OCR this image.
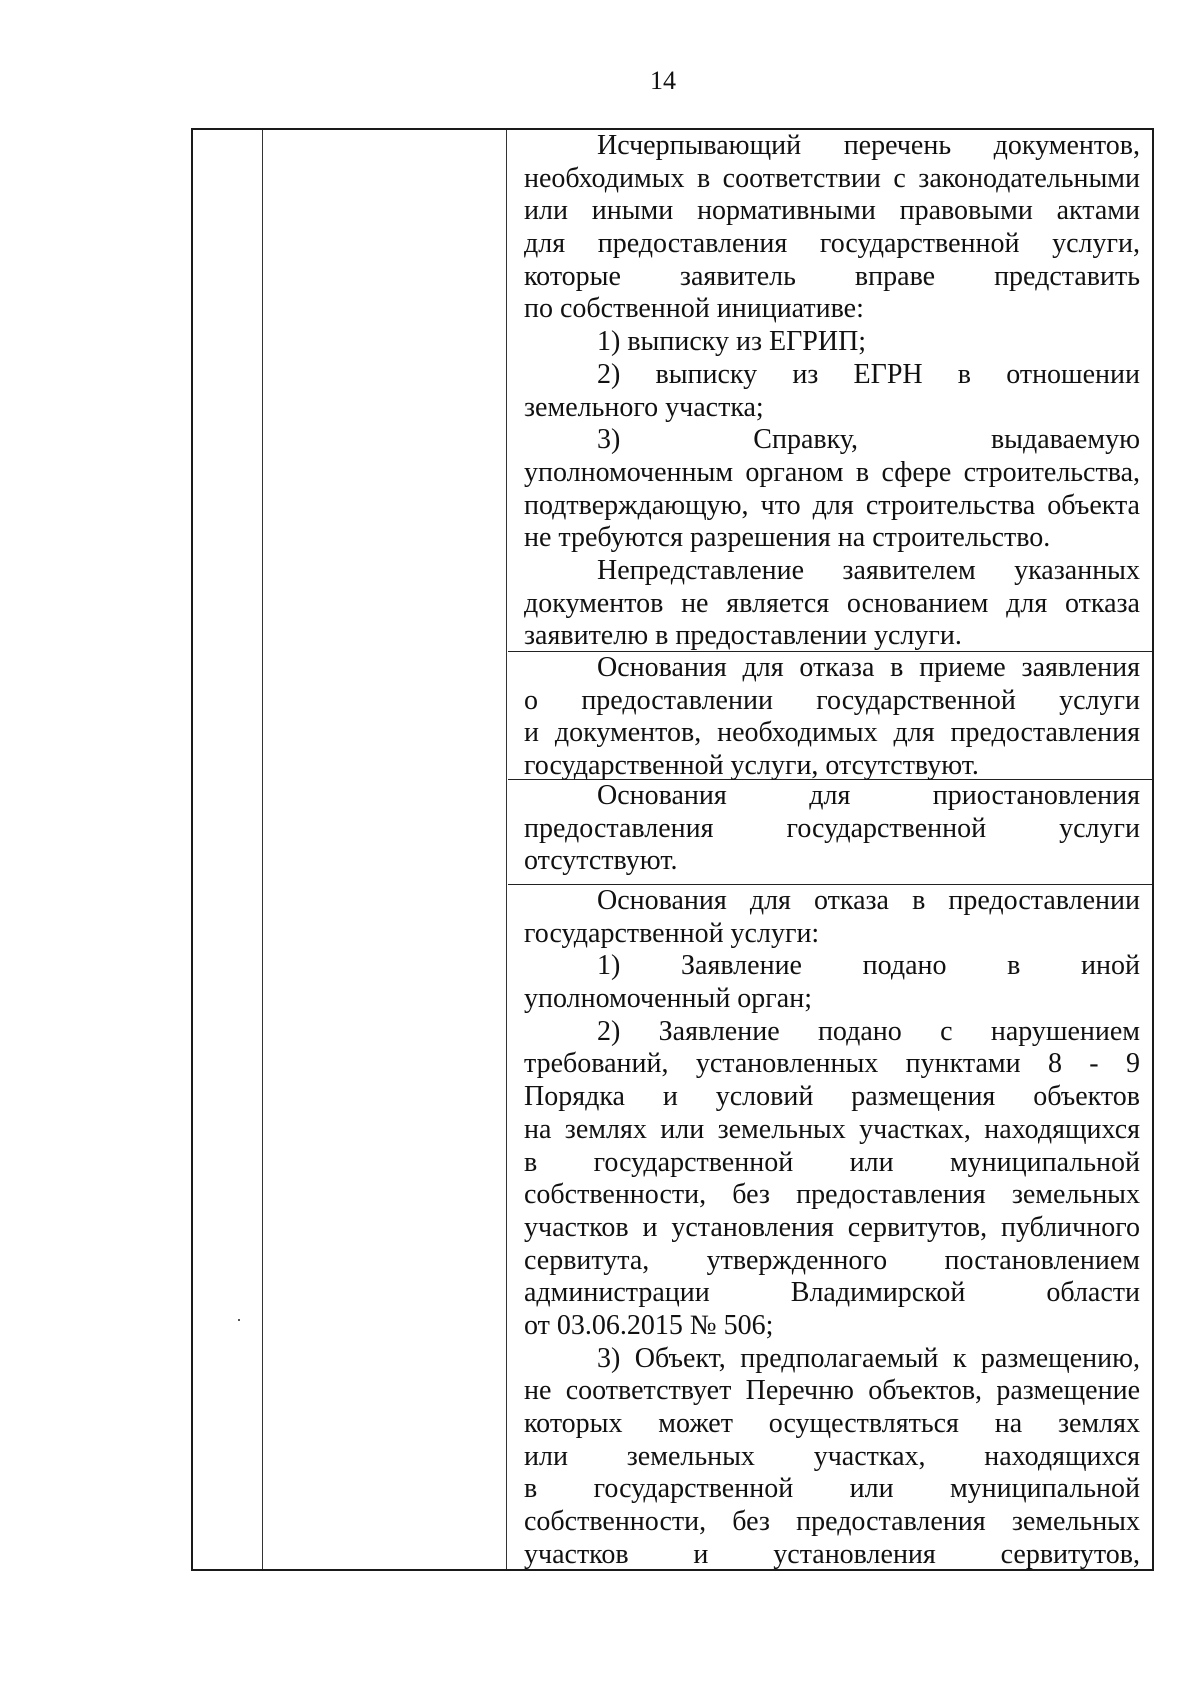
14
Исчерпывающий перечень документов,
необходимых в соответствии с законодательными
или иными нормативными правовыми актами
для предоставления государственной услуги,
которые заявитель вправе представить
по собственной инициативе:
1) выписку из ЕГРИП;
2) выписку из ЕГРН в отношении
земельного участка;
3) Справку, выдаваемую
уполномоченным органом в сфере строительства,
подтверждающую, что для строительства объекта
не требуются разрешения на строительство.
Непредставление заявителем указанных
документов не является основанием для отказа
заявителю в предоставлении услуги.
Основания для отказа в приеме заявления
о предоставлении государственной услуги
и документов, необходимых для предоставления
государственной услуги, отсутствуют.
Основания для приостановления
предоставления государственной услуги
отсутствуют.
Основания для отказа в предоставлении
государственной услуги:
1) Заявление подано в иной
уполномоченный орган;
2) Заявление подано с нарушением
требований, установленных пунктами 8 - 9
Порядка и условий размещения объектов
на землях или земельных участках, находящихся
в государственной или муниципальной
собственности, без предоставления земельных
участков и установления сервитутов, публичного
сервитута, утвержденного постановлением
администрации Владимирской области
от 03.06.2015 № 506;
3) Объект, предполагаемый к размещению,
не соответствует Перечню объектов, размещение
которых может осуществляться на землях
или земельных участках, находящихся
в государственной или муниципальной
собственности, без предоставления земельных
участков и установления сервитутов,
